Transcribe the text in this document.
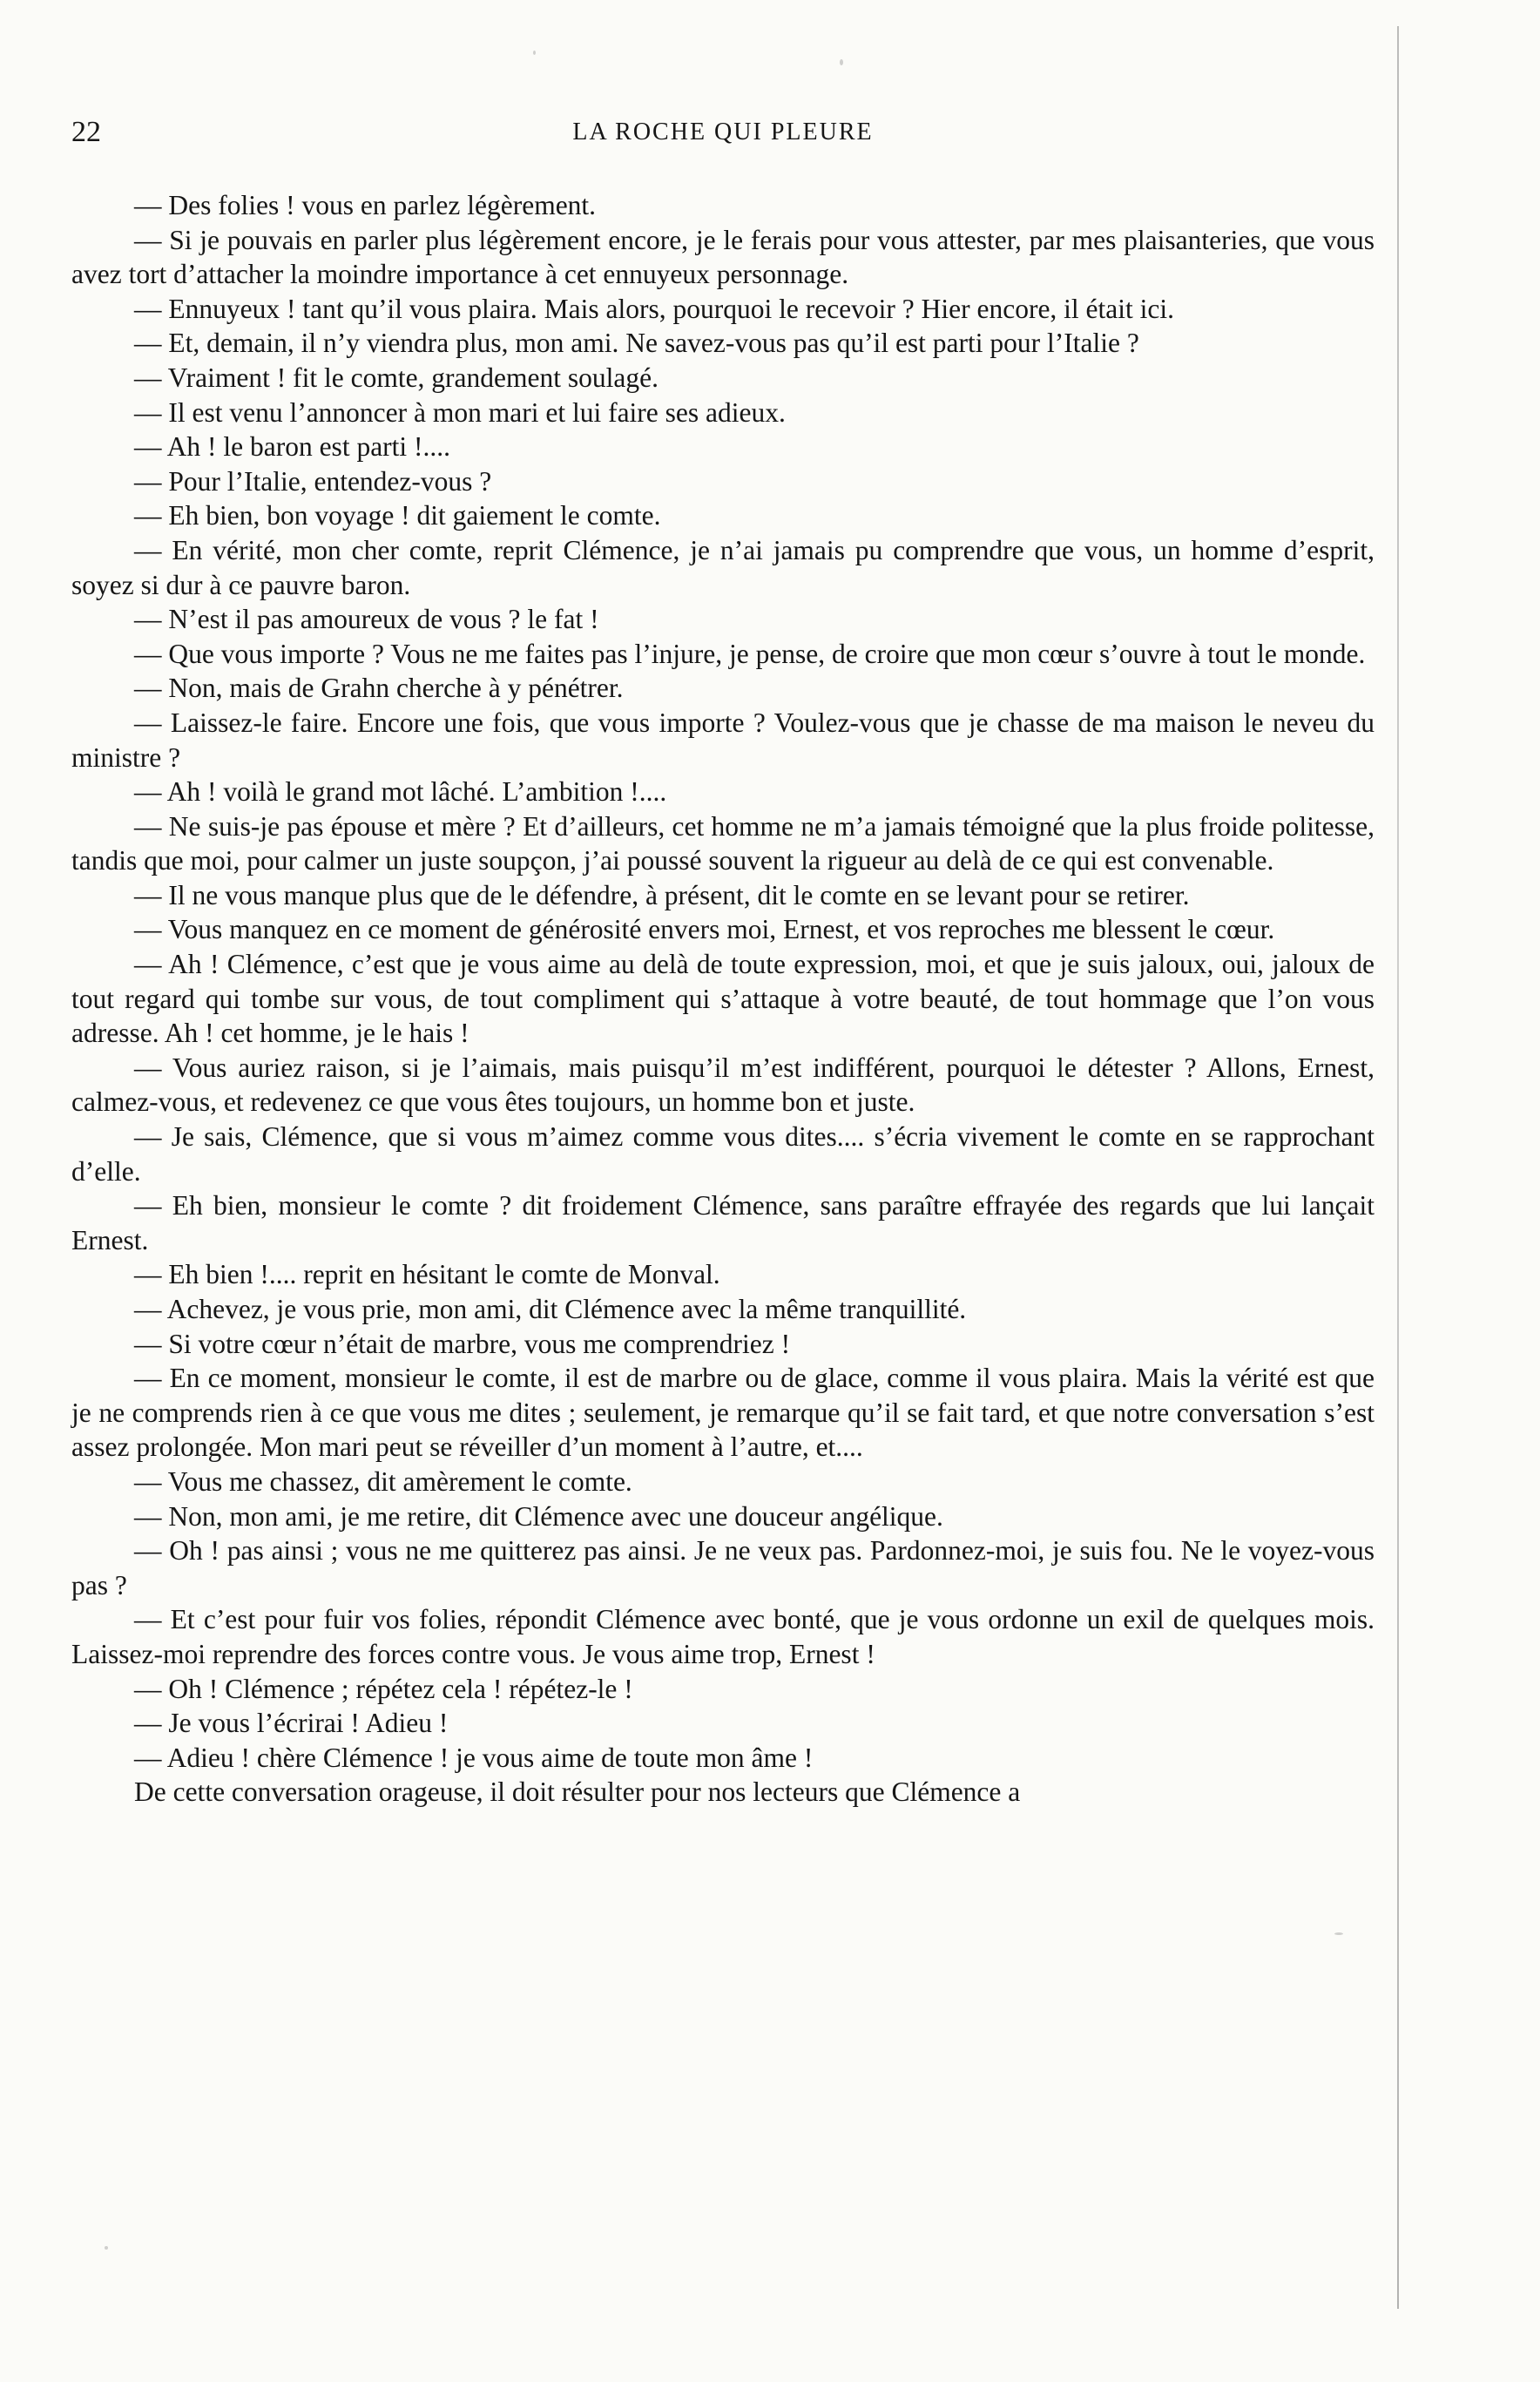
22	LA ROCHE QUI PLEURE

— Des folies ! vous en parlez légèrement.

— Si je pouvais en parler plus légèrement encore, je le ferais pour vous attester, par mes plaisanteries, que vous avez tort d’attacher la moindre importance à cet ennuyeux personnage.

— Ennuyeux ! tant qu’il vous plaira. Mais alors, pourquoi le recevoir ? Hier encore, il était ici.

— Et, demain, il n’y viendra plus, mon ami. Ne savez-vous pas qu’il est parti pour l’Italie ?

— Vraiment ! fit le comte, grandement soulagé.

— Il est venu l’annoncer à mon mari et lui faire ses adieux.

— Ah ! le baron est parti !....

— Pour l’Italie, entendez-vous ?

— Eh bien, bon voyage ! dit gaiement le comte.

— En vérité, mon cher comte, reprit Clémence, je n’ai jamais pu comprendre que vous, un homme d’esprit, soyez si dur à ce pauvre baron.

— N’est il pas amoureux de vous ? le fat !

— Que vous importe ? Vous ne me faites pas l’injure, je pense, de croire que mon cœur s’ouvre à tout le monde.

— Non, mais de Grahn cherche à y pénétrer.

— Laissez-le faire. Encore une fois, que vous importe ? Voulez-vous que je chasse de ma maison le neveu du ministre ?

— Ah ! voilà le grand mot lâché. L’ambition !....

— Ne suis-je pas épouse et mère ? Et d’ailleurs, cet homme ne m’a jamais témoigné que la plus froide politesse, tandis que moi, pour calmer un juste soupçon, j’ai poussé souvent la rigueur au delà de ce qui est convenable.

— Il ne vous manque plus que de le défendre, à présent, dit le comte en se levant pour se retirer.

— Vous manquez en ce moment de générosité envers moi, Ernest, et vos reproches me blessent le cœur.

— Ah ! Clémence, c’est que je vous aime au delà de toute expression, moi, et que je suis jaloux, oui, jaloux de tout regard qui tombe sur vous, de tout compliment qui s’attaque à votre beauté, de tout hommage que l’on vous adresse. Ah ! cet homme, je le hais !

— Vous auriez raison, si je l’aimais, mais puisqu’il m’est indifférent, pourquoi le détester ? Allons, Ernest, calmez-vous, et redevenez ce que vous êtes toujours, un homme bon et juste.

— Je sais, Clémence, que si vous m’aimez comme vous dites.... s’écria vivement le comte en se rapprochant d’elle.

— Eh bien, monsieur le comte ? dit froidement Clémence, sans paraître effrayée des regards que lui lançait Ernest.

— Eh bien !.... reprit en hésitant le comte de Monval.

— Achevez, je vous prie, mon ami, dit Clémence avec la même tranquillité.

— Si votre cœur n’était de marbre, vous me comprendriez !

— En ce moment, monsieur le comte, il est de marbre ou de glace, comme il vous plaira. Mais la vérité est que je ne comprends rien à ce que vous me dites ; seulement, je remarque qu’il se fait tard, et que notre conversation s’est assez prolongée. Mon mari peut se réveiller d’un moment à l’autre, et....

— Vous me chassez, dit amèrement le comte.

— Non, mon ami, je me retire, dit Clémence avec une douceur angélique.

— Oh ! pas ainsi ; vous ne me quitterez pas ainsi. Je ne veux pas. Pardonnez-moi, je suis fou. Ne le voyez-vous pas ?

— Et c’est pour fuir vos folies, répondit Clémence avec bonté, que je vous ordonne un exil de quelques mois. Laissez-moi reprendre des forces contre vous. Je vous aime trop, Ernest !

— Oh ! Clémence ; répétez cela ! répétez-le !

— Je vous l’écrirai ! Adieu !

— Adieu ! chère Clémence ! je vous aime de toute mon âme !

De cette conversation orageuse, il doit résulter pour nos lecteurs que Clémence a
